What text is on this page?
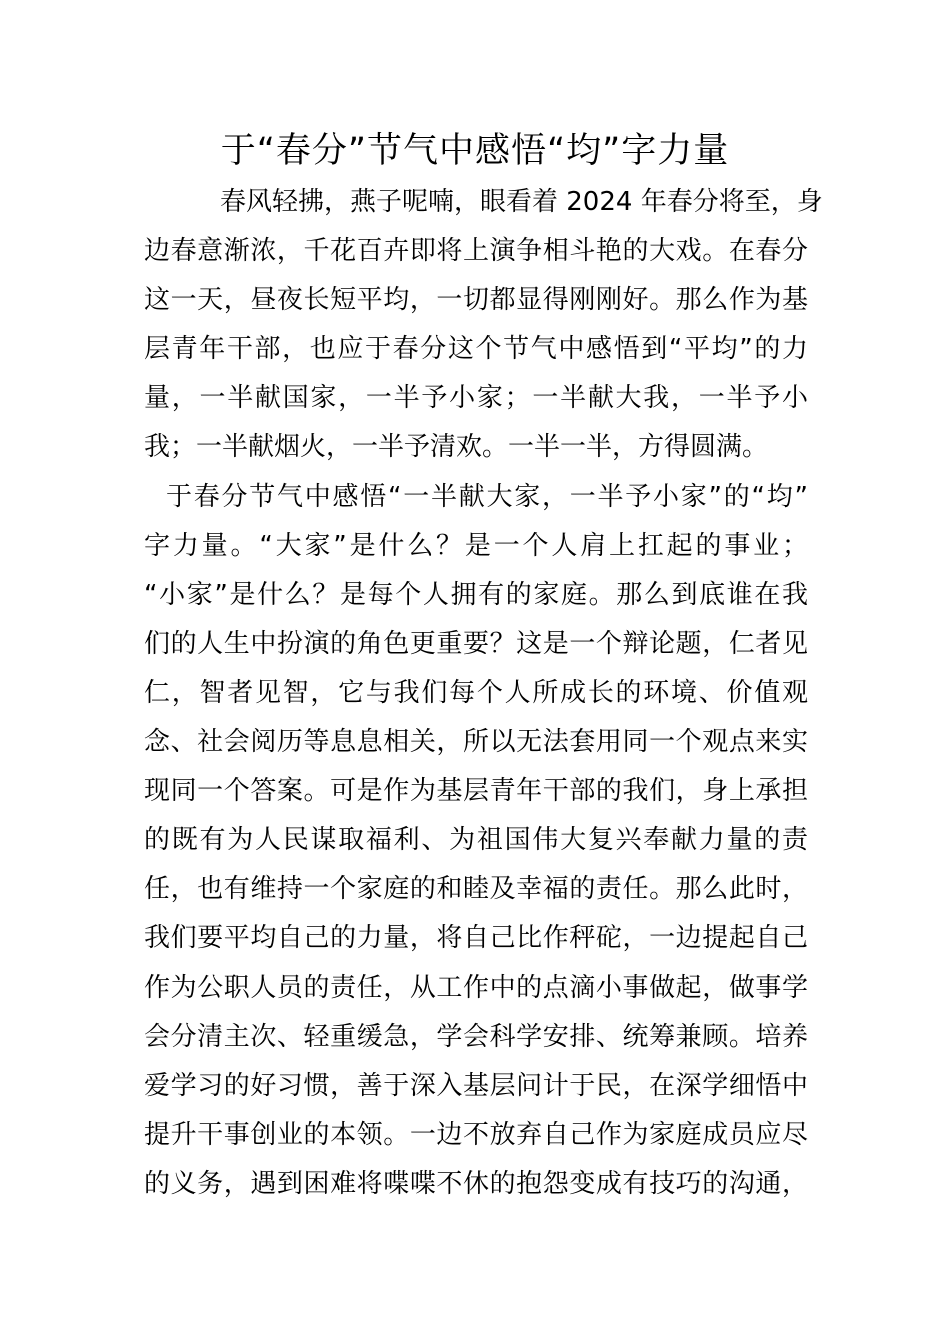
于“春分”节气中感悟“均”字力量
春风轻拂，燕子呢喃，眼看着 2024 年春分将至，身
边春意渐浓，千花百卉即将上演争相斗艳的大戏。在春分
这一天，昼夜长短平均，一切都显得刚刚好。那么作为基
层青年干部，也应于春分这个节气中感悟到“平均”的力
量，一半献国家，一半予小家；一半献大我，一半予小
我；一半献烟火，一半予清欢。一半一半，方得圆满。
于春分节气中感悟“一半献大家，一半予小家”的“均”
字力量。“大家”是什么？是一个人肩上扛起的事业；
“小家”是什么？是每个人拥有的家庭。那么到底谁在我
们的人生中扮演的角色更重要？这是一个辩论题，仁者见
仁，智者见智，它与我们每个人所成长的环境、价值观
念、社会阅历等息息相关，所以无法套用同一个观点来实
现同一个答案。可是作为基层青年干部的我们，身上承担
的既有为人民谋取福利、为祖国伟大复兴奉献力量的责
任，也有维持一个家庭的和睦及幸福的责任。那么此时，
我们要平均自己的力量，将自己比作秤砣，一边提起自己
作为公职人员的责任，从工作中的点滴小事做起，做事学
会分清主次、轻重缓急，学会科学安排、统筹兼顾。培养
爱学习的好习惯，善于深入基层问计于民，在深学细悟中
提升干事创业的本领。一边不放弃自己作为家庭成员应尽
的义务，遇到困难将喋喋不休的抱怨变成有技巧的沟通，
